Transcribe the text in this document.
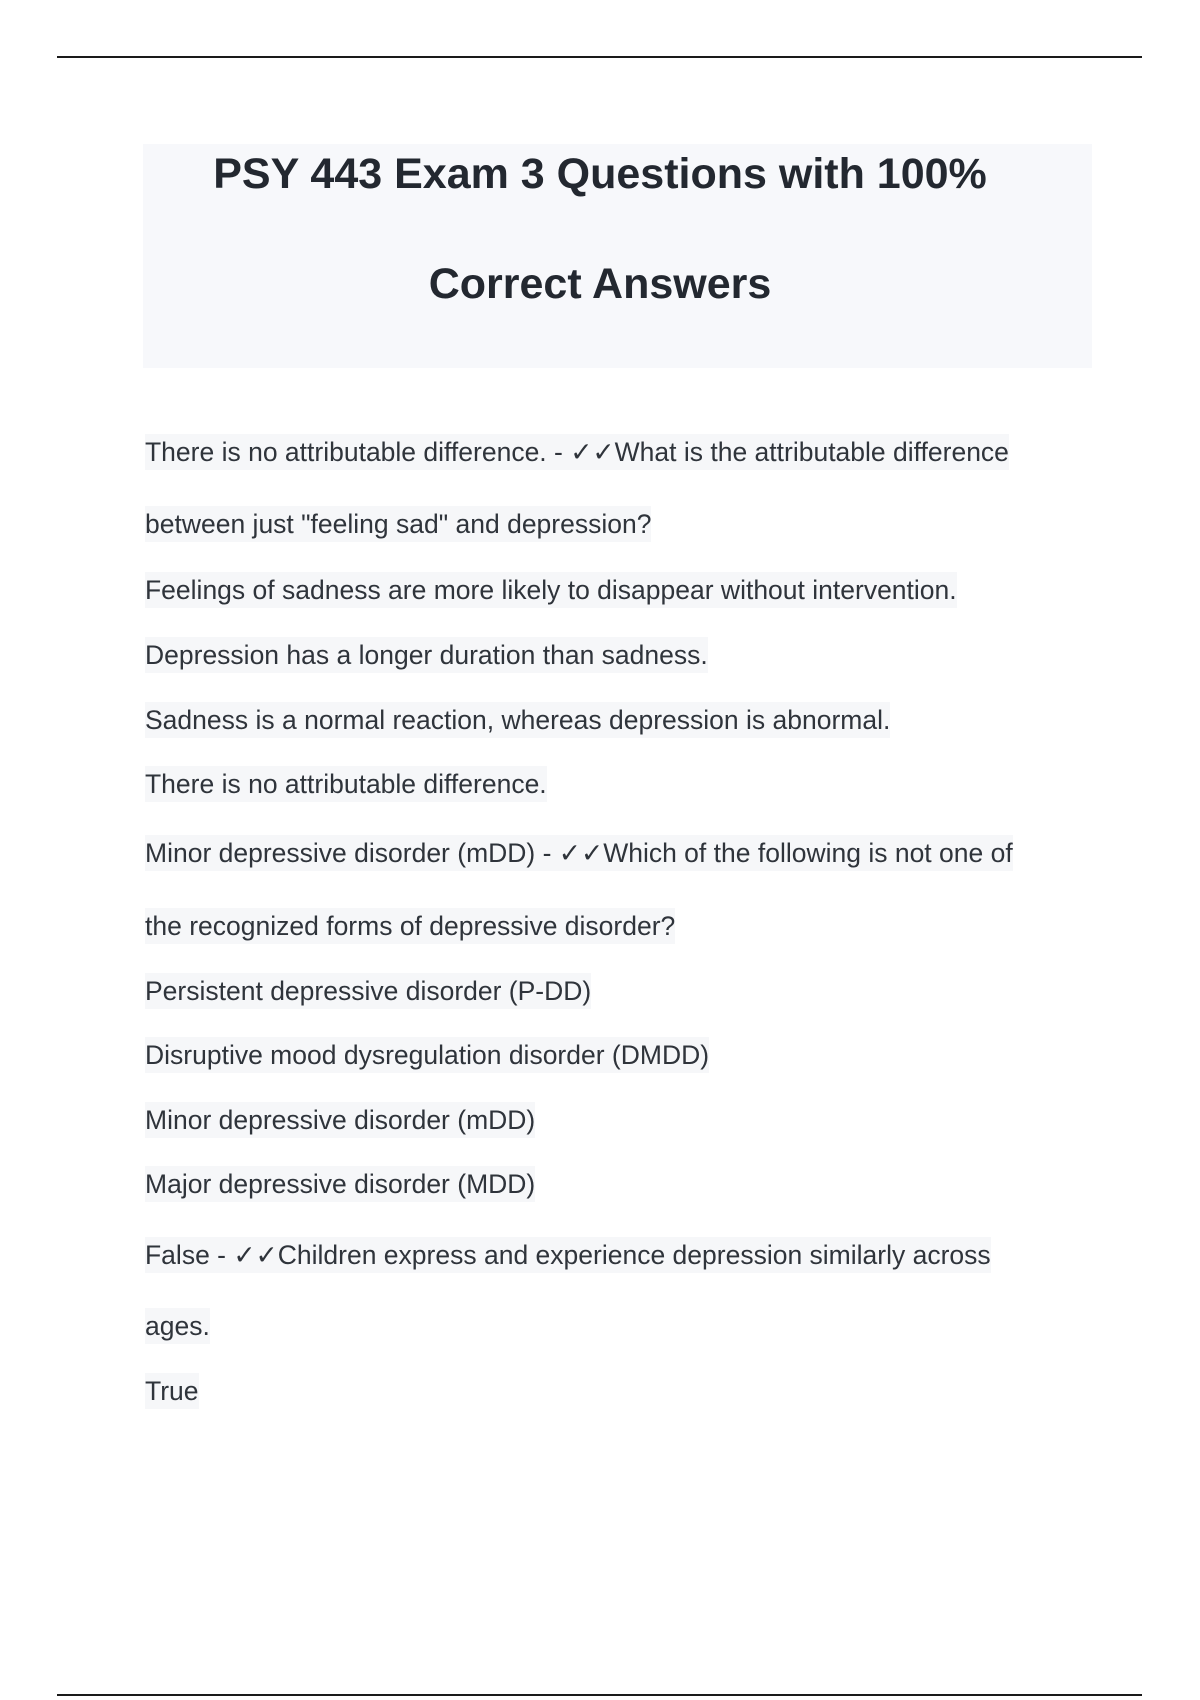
PSY 443 Exam 3 Questions with 100%
Correct Answers
There is no attributable difference. - ✓✓What is the attributable difference
between just "feeling sad" and depression?
Feelings of sadness are more likely to disappear without intervention.
Depression has a longer duration than sadness.
Sadness is a normal reaction, whereas depression is abnormal.
There is no attributable difference.
Minor depressive disorder (mDD) - ✓✓Which of the following is not one of
the recognized forms of depressive disorder?
Persistent depressive disorder (P-DD)
Disruptive mood dysregulation disorder (DMDD)
Minor depressive disorder (mDD)
Major depressive disorder (MDD)
False - ✓✓Children express and experience depression similarly across
ages.
True
